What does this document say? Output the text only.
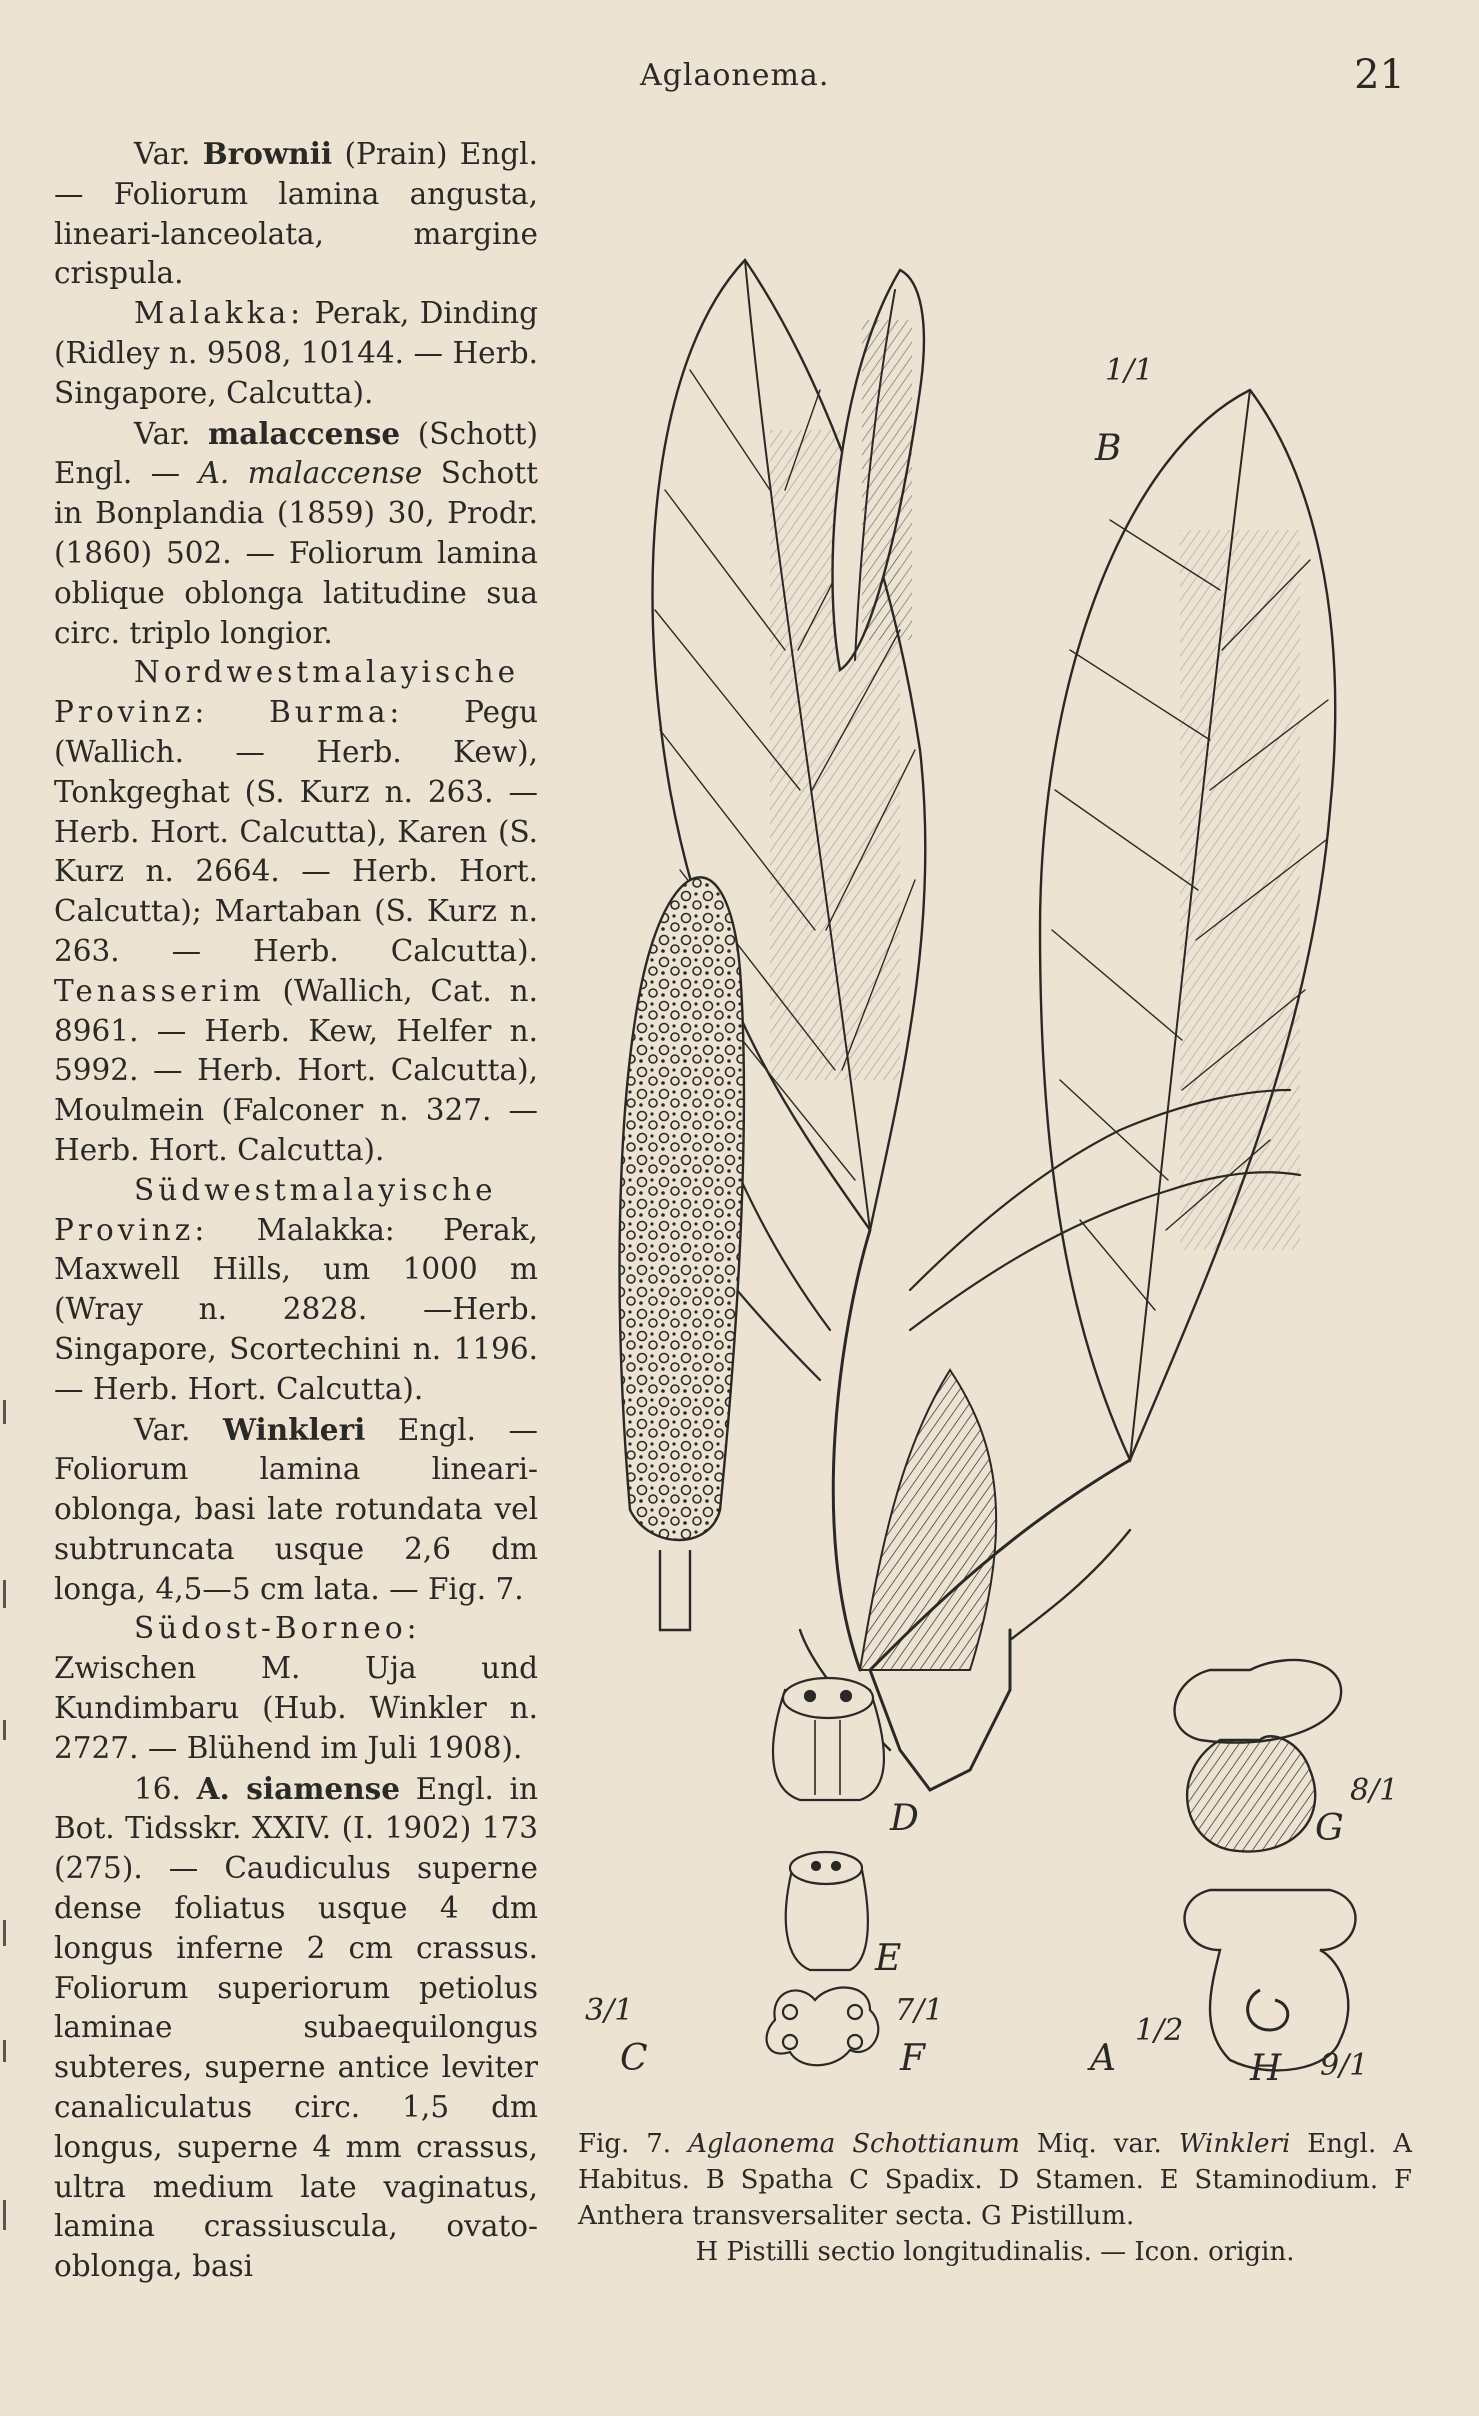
Aglaonema.	21

Var. Brownii (Prain) Engl. — Foliorum lamina angusta, lineari-lanceolata, margine crispula.

Malakka: Perak, Dinding (Ridley n. 9508, 10144. — Herb. Singapore, Calcutta).

Var. malaccense (Schott) Engl. — A. malaccense Schott in Bonplandia (1859) 30, Prodr. (1860) 502. — Foliorum lamina oblique oblonga latitudine sua circ. triplo longior.

Nordwestmalayische Provinz: Burma: Pegu (Wallich. — Herb. Kew), Tonkgeghat (S. Kurz n. 263. — Herb. Hort. Calcutta), Karen (S. Kurz n. 2664. — Herb. Hort. Calcutta); Martaban (S. Kurz n. 263. — Herb. Calcutta). Tenasserim (Wallich, Cat. n. 8961. — Herb. Kew, Helfer n. 5992. — Herb. Hort. Calcutta), Moulmein (Falconer n. 327. — Herb. Hort. Calcutta).

Südwestmalayische Provinz: Malakka: Perak, Maxwell Hills, um 1000 m (Wray n. 2828. —Herb. Singapore, Scortechini n. 1196. — Herb. Hort. Calcutta).

Var. Winkleri Engl. — Foliorum lamina lineari-oblonga, basi late rotundata vel subtruncata usque 2,6 dm longa, 4,5—5 cm lata. — Fig. 7.

Südost-Borneo: Zwischen M. Uja und Kundimbaru (Hub. Winkler n. 2727. — Blühend im Juli 1908).

16. A. siamense Engl. in Bot. Tidsskr. XXIV. (I. 1902) 173 (275). — Caudiculus superne dense foliatus usque 4 dm longus inferne 2 cm crassus. Foliorum superiorum petiolus laminae subaequilongus subteres, superne antice leviter canaliculatus circ. 1,5 dm longus, superne 4 mm crassus, ultra medium late vaginatus, lamina crassiuscula, ovato-oblonga, basi

A
B
C
D
E
F
G
H
1/1
1/2
3/1	7/1
8/1
9/1

Fig. 7. Aglaonema Schottianum Miq. var. Winkleri Engl. A Habitus. B Spatha C Spadix. D Stamen. E Staminodium. F Anthera transversaliter secta. G Pistillum.

H Pistilli sectio longitudinalis. — Icon. origin.
